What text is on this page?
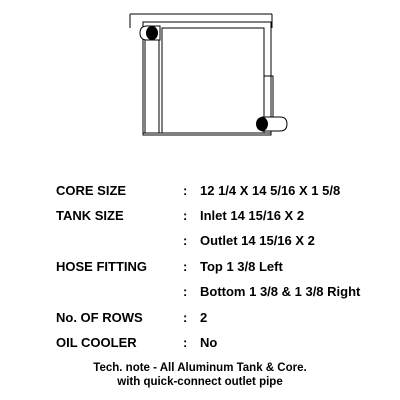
CORE SIZE	: 12 1/4 X 14 5/16 X 1 5/8
TANK SIZE	: Inlet 14 15/16 X 2
: Outlet 14 15/16 X 2
HOSE FITTING	: Top 1 3/8 Left
: Bottom 1 3/8 & 1 3/8 Right
No. OF ROWS	: 2
OIL COOLER	: No
Tech. note - All Aluminum Tank & Core.
with quick-connect outlet pipe
